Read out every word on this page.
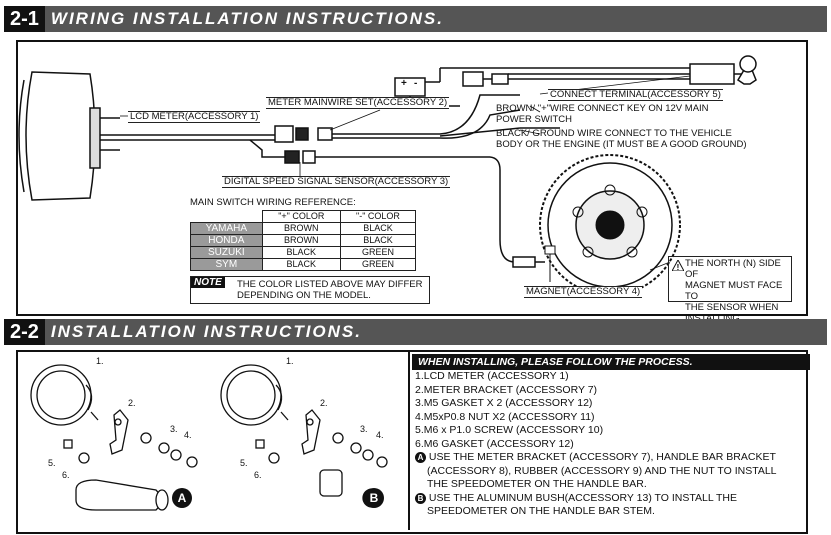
2-1 WIRING INSTALLATION INSTRUCTIONS.
LCD METER(ACCESSORY 1)
METER MAINWIRE SET(ACCESSORY 2)
CONNECT TERMINAL(ACCESSORY 5)
BROWN/ "+"WIRE CONNECT KEY ON 12V MAIN
POWER SWITCH
BLACK/ GROUND WIRE CONNECT TO THE VEHICLE
BODY OR THE ENGINE (IT MUST BE A GOOD GROUND)
DIGITAL SPEED SIGNAL SENSOR(ACCESSORY 3)
MAGNET(ACCESSORY 4)
+ -
! THE NORTH (N) SIDE OF
MAGNET MUST FACE TO
THE SENSOR WHEN
MAIN SWITCH WIRING REFERENCE:
	"+" COLOR	"-" COLOR
YAMAHA	BROWN	BLACK
HONDA	BROWN	BLACK
SUZUKI	BLACK	GREEN
SYM	BLACK	GREEN
NOTE	THE COLOR LISTED ABOVE MAY DIFFER
DEPENDING ON THE MODEL.
2-2 INSTALLATION INSTRUCTIONS.
1.
2.
3.
4.
5.
6.
1.
2.
3.
4.
5.
6.
A	B
WHEN INSTALLING, PLEASE FOLLOW THE PROCESS.
1.LCD METER (ACCESSORY 1)
2.METER BRACKET (ACCESSORY 7)
3.M5 GASKET X 2 (ACCESSORY 12)
4.M5xP0.8 NUT X2 (ACCESSORY 11)
5.M6 x P1.0 SCREW (ACCESSORY 10)
6.M6 GASKET (ACCESSORY 12)
A USE THE METER BRACKET (ACCESSORY 7), HANDLE BAR BRACKET
(ACCESSORY 8), RUBBER (ACCESSORY 9) AND THE NUT TO INSTALL
THE SPEEDOMETER ON THE HANDLE BAR.
B USE THE ALUMINUM BUSH(ACCESSORY 13) TO INSTALL THE
SPEEDOMETER ON THE HANDLE BAR STEM.
